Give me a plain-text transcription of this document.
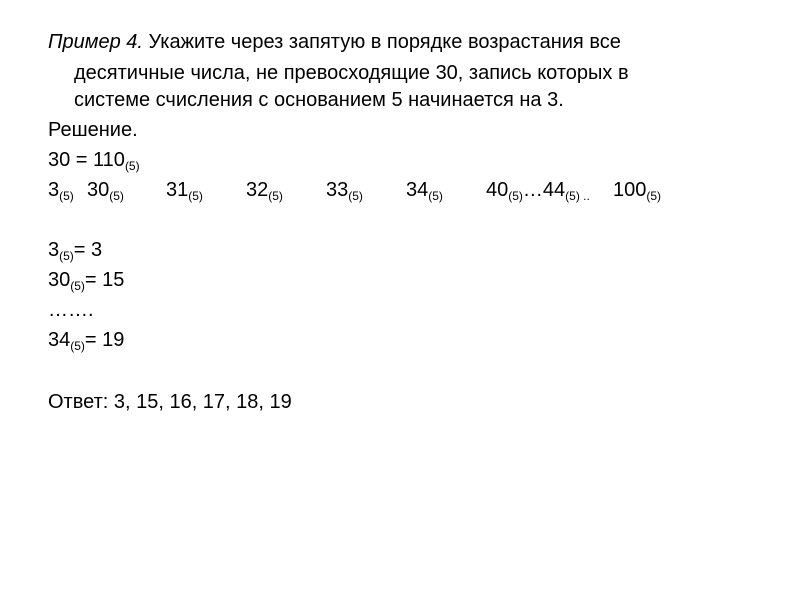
Пример 4. Укажите через запятую в порядке возрастания все
десятичные числа, не превосходящие 30, запись которых в
системе счисления с основанием 5 начинается на 3.
Решение.
$30 = 110_{(5)}$
$3_{(5)}$ $30_{(5)}$ $31_{(5)}$ $32_{(5)}$ $33_{(5)}$ $34_{(5)}$ $40_{(5)}\dots 44_{(5) ..}$ $100_{(5)}$
$3_{(5)}= 3$
$30_{(5)}= 15$
…….
$34_{(5)}= 19$
Ответ: 3, 15, 16, 17, 18, 19
